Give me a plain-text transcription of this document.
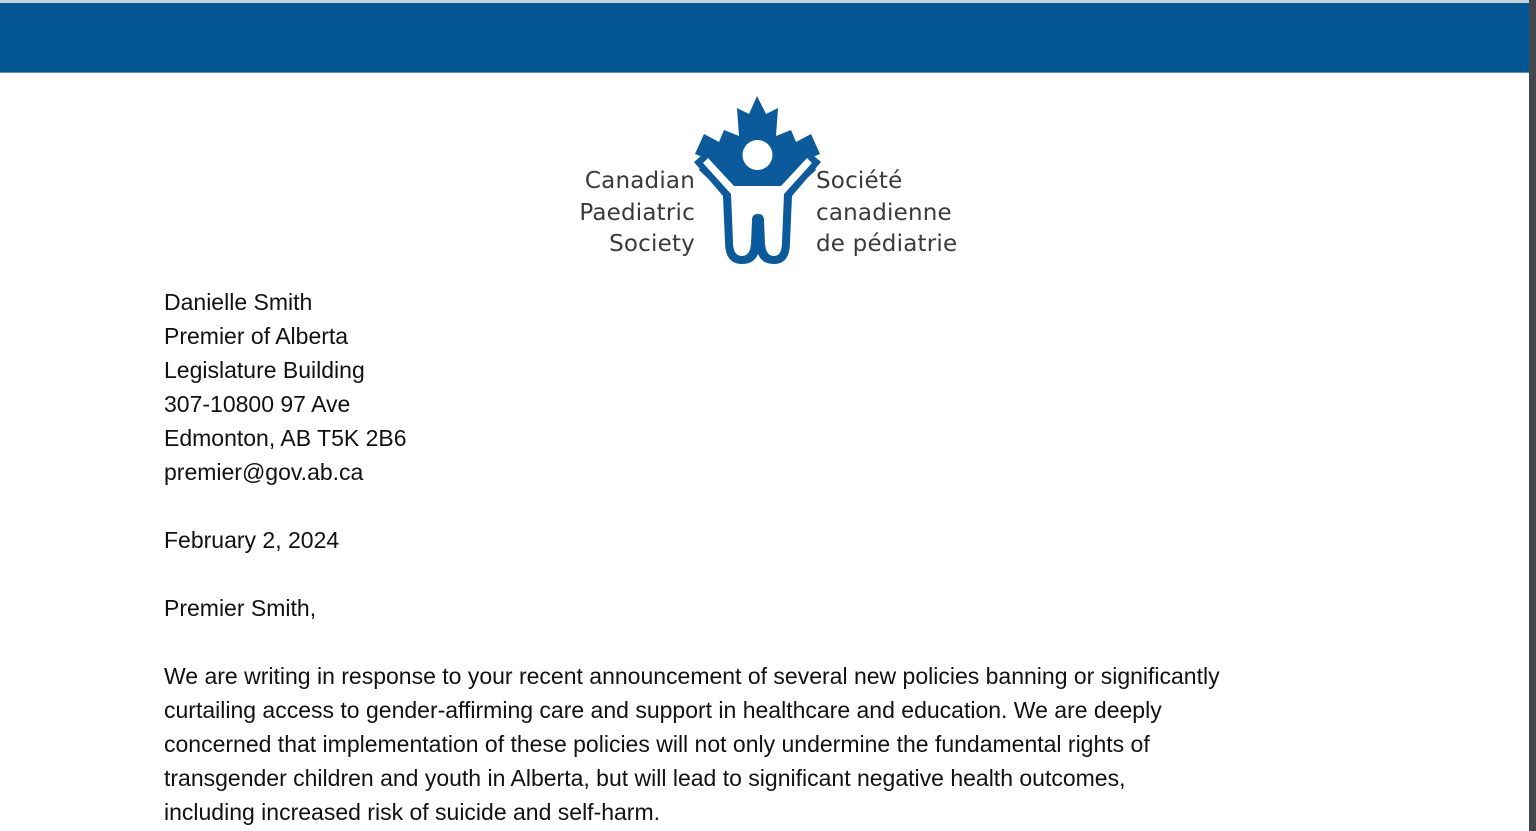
Canadian
Paediatric
Society
Société
canadienne
de pédiatrie
Danielle Smith
Premier of Alberta
Legislature Building
307-10800 97 Ave
Edmonton, AB T5K 2B6
premier@gov.ab.ca
February 2, 2024
Premier Smith,
We are writing in response to your recent announcement of several new policies banning or significantly
curtailing access to gender-affirming care and support in healthcare and education. We are deeply
concerned that implementation of these policies will not only undermine the fundamental rights of
transgender children and youth in Alberta, but will lead to significant negative health outcomes,
including increased risk of suicide and self-harm.
